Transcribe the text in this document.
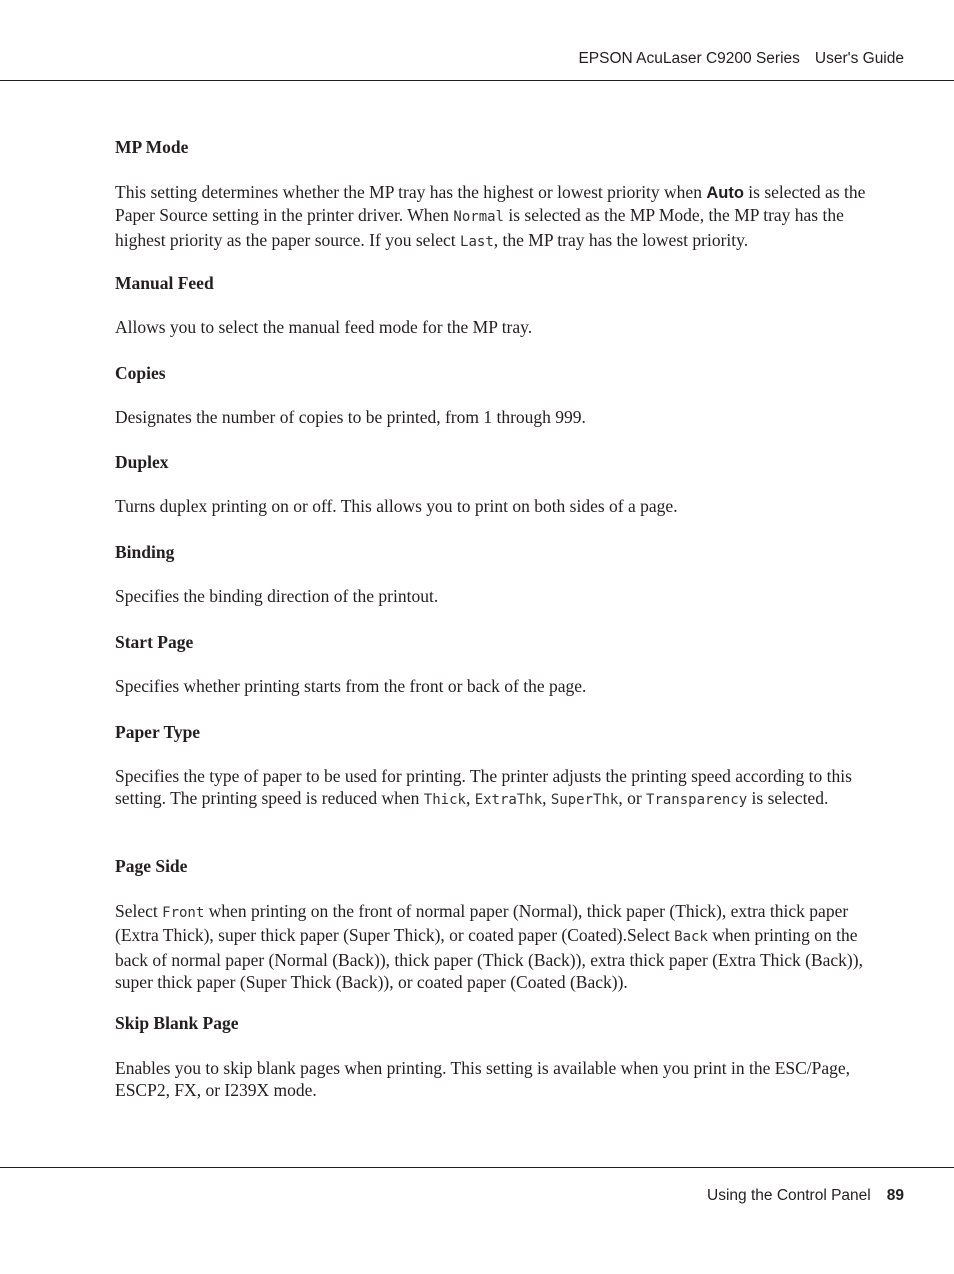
EPSON AcuLaser C9200 Series User's Guide
MP Mode

This setting determines whether the MP tray has the highest or lowest priority when Auto is selected as the Paper Source setting in the printer driver. When Normal is selected as the MP Mode, the MP tray has the highest priority as the paper source. If you select Last, the MP tray has the lowest priority.

Manual Feed

Allows you to select the manual feed mode for the MP tray.

Copies

Designates the number of copies to be printed, from 1 through 999.

Duplex

Turns duplex printing on or off. This allows you to print on both sides of a page.

Binding

Specifies the binding direction of the printout.

Start Page

Specifies whether printing starts from the front or back of the page.

Paper Type

Specifies the type of paper to be used for printing. The printer adjusts the printing speed according to this setting. The printing speed is reduced when Thick, ExtraThk, SuperThk, or Transparency is selected.

Page Side

Select Front when printing on the front of normal paper (Normal), thick paper (Thick), extra thick paper (Extra Thick), super thick paper (Super Thick), or coated paper (Coated).Select Back when printing on the back of normal paper (Normal (Back)), thick paper (Thick (Back)), extra thick paper (Extra Thick (Back)), super thick paper (Super Thick (Back)), or coated paper (Coated (Back)).

Skip Blank Page

Enables you to skip blank pages when printing. This setting is available when you print in the ESC/Page, ESCP2, FX, or I239X mode.

Using the Control Panel 89
